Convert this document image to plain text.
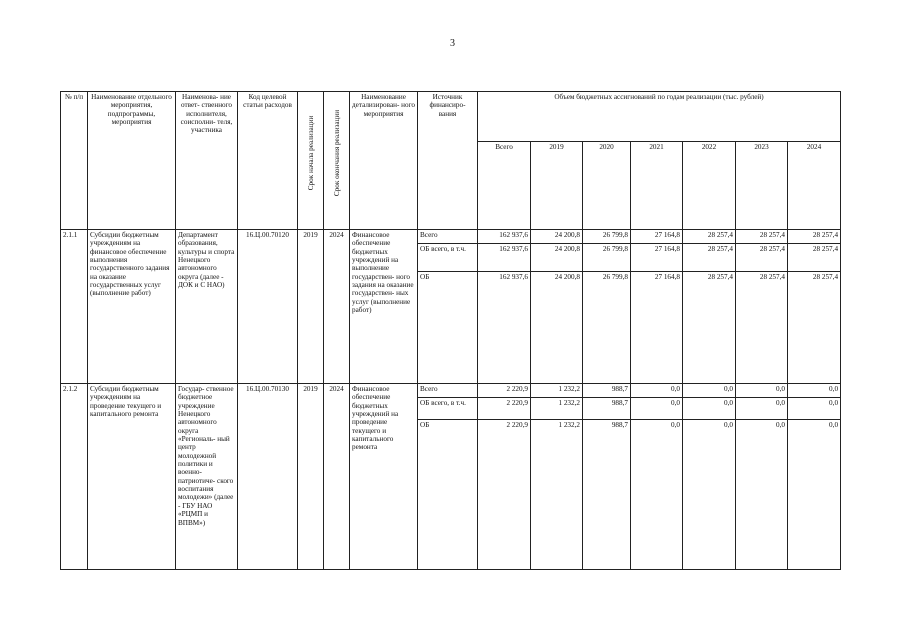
3
№ п/п	Наименование отдельного мероприятия, подпрограммы, мероприятия	Наименова- ние ответ- ственного исполнителя, соисполни- теля, участника	Код целевой статьи расходов	Срок начала реализации	Срок окончания реализации	Наименование детализирован- ного мероприятия	Источник финансиро- вания	Объем бюджетных ассигнований по годам реализации (тыс. рублей)						
								Всего	2019	2020	2021	2022	2023	2024
2.1.1	Субсидии бюджетным учреждениям на финансовое обеспечение выполнения государственного задания на оказание государственных услуг (выполнение работ)	Департамент образования, культуры и спорта Ненецкого автономного округа (далее - ДОК и С НАО)	16.Ц.00.70120	2019	2024	Финансовое обеспечение бюджетных учреждений на выполнение государствен- ного задания на оказание государствен- ных услуг (выполнение работ)	Всего	162 937,6	24 200,8	26 799,8	27 164,8	28 257,4	28 257,4	28 257,4
							ОБ всего, в т.ч.	162 937,6	24 200,8	26 799,8	27 164,8	28 257,4	28 257,4	28 257,4
							ОБ	162 937,6	24 200,8	26 799,8	27 164,8	28 257,4	28 257,4	28 257,4
2.1.2	Субсидии бюджетным учреждениям на проведение текущего и капитального ремонта	Государ- ственное бюджетное учреждение Ненецкого автономного округа «Региональ- ный центр молодежной политики и военно- патриотиче- ского воспитания молодежи» (далее - ГБУ НАО «РЦМП и ВПВМ»)	16.Ц.00.70130	2019	2024	Финансовое обеспечение бюджетных учреждений на проведение текущего и капитального ремонта	Всего	2 220,9	1 232,2	988,7	0,0	0,0	0,0	0,0
							ОБ всего, в т.ч.	2 220,9	1 232,2	988,7	0,0	0,0	0,0	0,0
							ОБ	2 220,9	1 232,2	988,7	0,0	0,0	0,0	0,0
